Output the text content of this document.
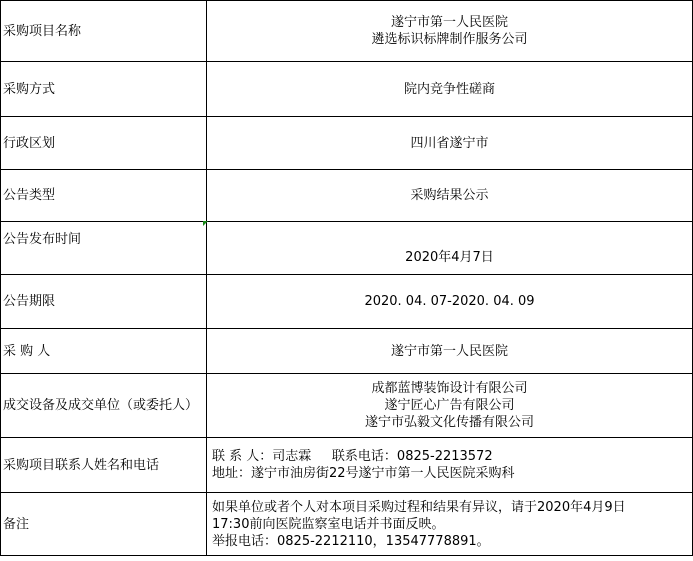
采购项目名称	遂宁市第一人民医院
遴选标识标牌制作服务公司

采购方式	院内竞争性磋商
行政区划	四川省遂宁市
公告类型	采购结果公示
公告发布时间	2020年4月7日
公告期限	2020. 04. 07-2020. 04. 09
采 购 人	遂宁市第一人民医院
成交设备及成交单位（或委托人）	成都蓝博装饰设计有限公司
遂宁匠心广告有限公司
遂宁市弘毅文化传播有限公司

采购项目联系人姓名和电话	联 系 人：司志霖     联系电话：0825-2213572
地址：遂宁市油房街22号遂宁市第一人民医院采购科

备注	如果单位或者个人对本项目采购过程和结果有异议，请于2020年4月9日
17:30前向医院监察室电话并书面反映。
举报电话：0825-2212110，13547778891。
